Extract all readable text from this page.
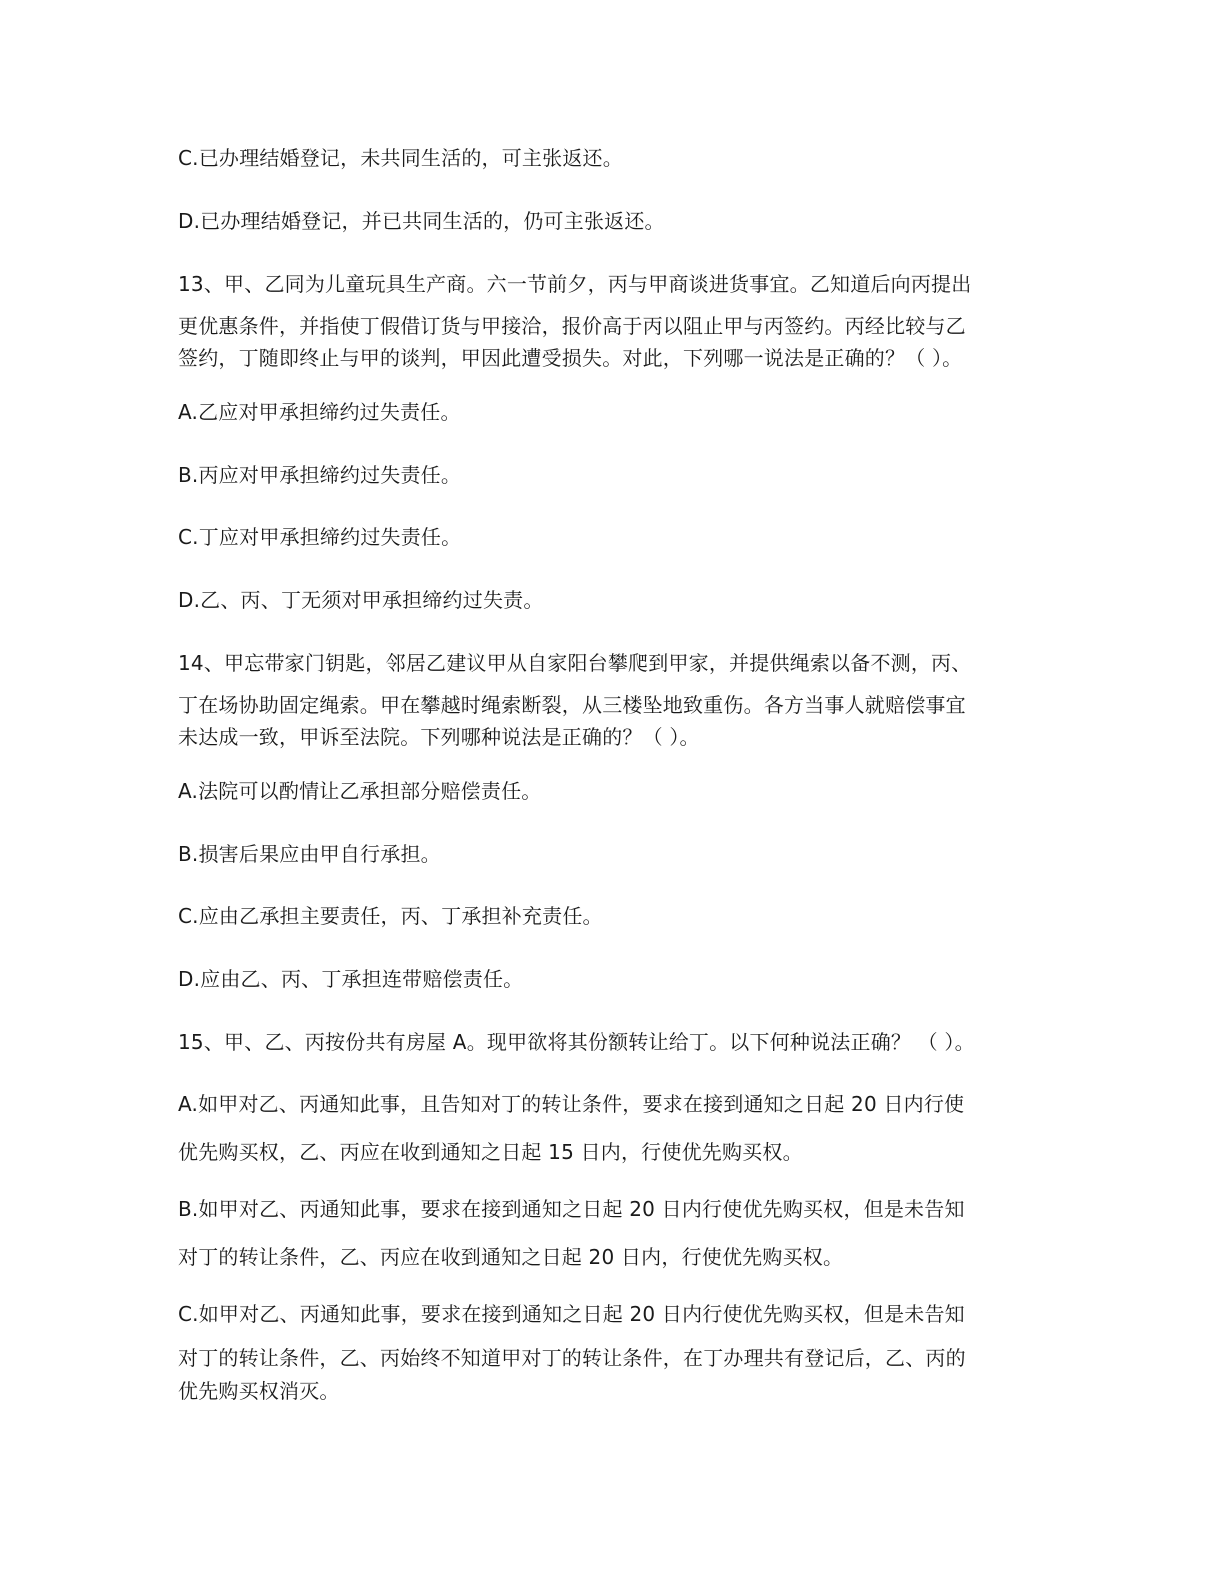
C.已办理结婚登记，未共同生活的，可主张返还。
D.已办理结婚登记，并已共同生活的，仍可主张返还。
13、甲、乙同为儿童玩具生产商。六一节前夕，丙与甲商谈进货事宜。乙知道后向丙提出
更优惠条件，并指使丁假借订货与甲接洽，报价高于丙以阻止甲与丙签约。丙经比较与乙
签约，丁随即终止与甲的谈判，甲因此遭受损失。对此，下列哪一说法是正确的？（ ）。
A.乙应对甲承担缔约过失责任。
B.丙应对甲承担缔约过失责任。
C.丁应对甲承担缔约过失责任。
D.乙、丙、丁无须对甲承担缔约过失责。
14、甲忘带家门钥匙，邻居乙建议甲从自家阳台攀爬到甲家，并提供绳索以备不测，丙、
丁在场协助固定绳索。甲在攀越时绳索断裂，从三楼坠地致重伤。各方当事人就赔偿事宜
未达成一致，甲诉至法院。下列哪种说法是正确的？（ ）。
A.法院可以酌情让乙承担部分赔偿责任。
B.损害后果应由甲自行承担。
C.应由乙承担主要责任，丙、丁承担补充责任。
D.应由乙、丙、丁承担连带赔偿责任。
15、甲、乙、丙按份共有房屋 A。现甲欲将其份额转让给丁。以下何种说法正确？ （ ）。
A.如甲对乙、丙通知此事，且告知对丁的转让条件，要求在接到通知之日起 20 日内行使
优先购买权，乙、丙应在收到通知之日起 15 日内，行使优先购买权。
B.如甲对乙、丙通知此事，要求在接到通知之日起 20 日内行使优先购买权，但是未告知
对丁的转让条件，乙、丙应在收到通知之日起 20 日内，行使优先购买权。
C.如甲对乙、丙通知此事，要求在接到通知之日起 20 日内行使优先购买权，但是未告知
对丁的转让条件，乙、丙始终不知道甲对丁的转让条件，在丁办理共有登记后，乙、丙的
优先购买权消灭。
